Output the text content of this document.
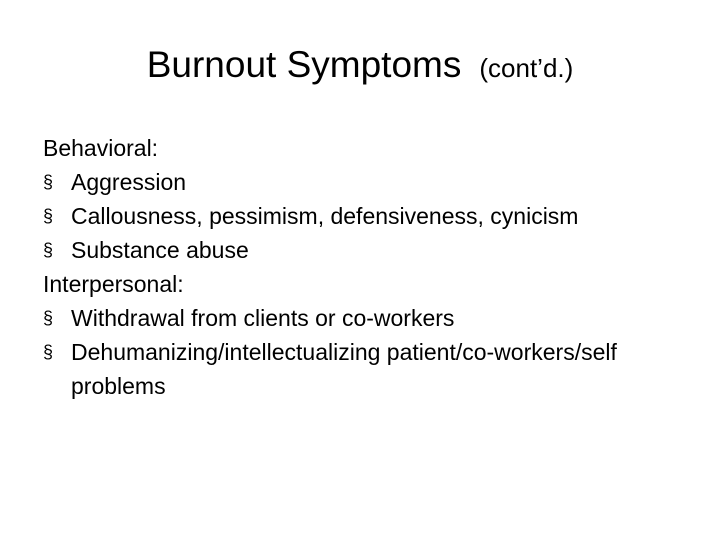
Burnout Symptoms (cont’d.)
Behavioral:
§ Aggression
§ Callousness, pessimism, defensiveness, cynicism
§ Substance abuse
Interpersonal:
§ Withdrawal from clients or co-workers
§ Dehumanizing/intellectualizing patient/co-workers/self problems
